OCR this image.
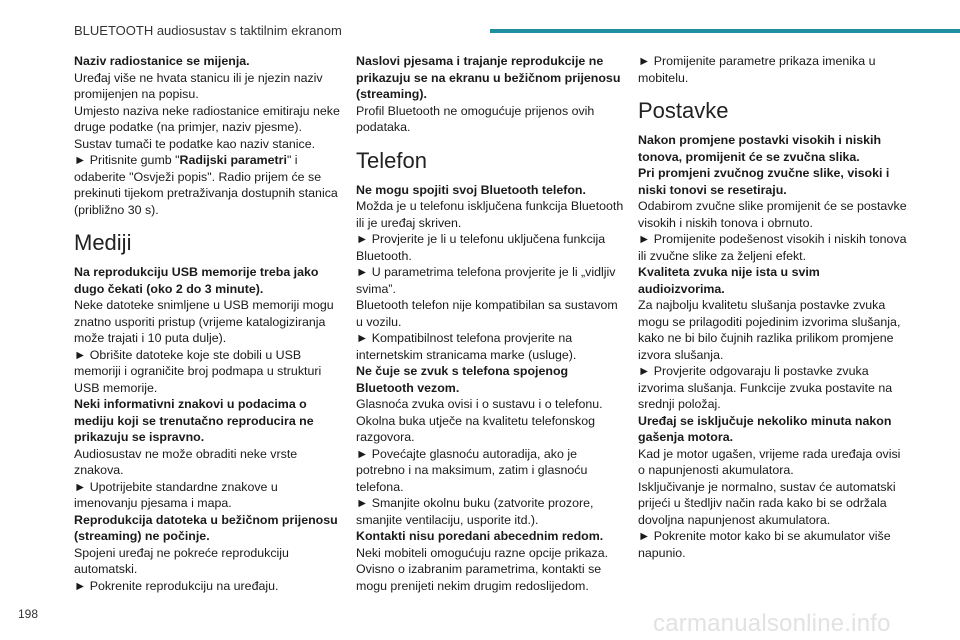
BLUETOOTH audiosustav s taktilnim ekranom

Naziv radiostanice se mijenja.

Uređaj više ne hvata stanicu ili je njezin naziv promijenjen na popisu.

Umjesto naziva neke radiostanice emitiraju neke druge podatke (na primjer, naziv pjesme).

Sustav tumači te podatke kao naziv stanice.

► Pritisnite gumb "Radijski parametri" i odaberite "Osvježi popis". Radio prijem će se prekinuti tijekom pretraživanja dostupnih stanica (približno 30 s).

Mediji

Na reprodukciju USB memorije treba jako dugo čekati (oko 2 do 3 minute).

Neke datoteke snimljene u USB memoriji mogu znatno usporiti pristup (vrijeme katalogiziranja može trajati i 10 puta dulje).

► Obrišite datoteke koje ste dobili u USB memoriji i ograničite broj podmapa u strukturi USB memorije.

Neki informativni znakovi u podacima o mediju koji se trenutačno reproducira ne prikazuju se ispravno.

Audiosustav ne može obraditi neke vrste znakova.

► Upotrijebite standardne znakove u imenovanju pjesama i mapa.

Reprodukcija datoteka u bežičnom prijenosu (streaming) ne počinje.

Spojeni uređaj ne pokreće reprodukciju automatski.

► Pokrenite reprodukciju na uređaju.

Naslovi pjesama i trajanje reprodukcije ne prikazuju se na ekranu u bežičnom prijenosu (streaming).

Profil Bluetooth ne omogućuje prijenos ovih podataka.

Telefon

Ne mogu spojiti svoj Bluetooth telefon.

Možda je u telefonu isključena funkcija Bluetooth ili je uređaj skriven.

► Provjerite je li u telefonu uključena funkcija Bluetooth.

► U parametrima telefona provjerite je li „vidljiv svima”.

Bluetooth telefon nije kompatibilan sa sustavom u vozilu.

► Kompatibilnost telefona provjerite na internetskim stranicama marke (usluge).

Ne čuje se zvuk s telefona spojenog Bluetooth vezom.

Glasnoća zvuka ovisi i o sustavu i o telefonu.

Okolna buka utječe na kvalitetu telefonskog razgovora.

► Povećajte glasnoću autoradija, ako je potrebno i na maksimum, zatim i glasnoću telefona.

► Smanjite okolnu buku (zatvorite prozore, smanjite ventilaciju, usporite itd.).

Kontakti nisu poredani abecednim redom.

Neki mobiteli omogućuju razne opcije prikaza. Ovisno o izabranim parametrima, kontakti se mogu prenijeti nekim drugim redoslijedom.

► Promijenite parametre prikaza imenika u mobitelu.

Postavke

Nakon promjene postavki visokih i niskih tonova, promijenit će se zvučna slika.

Pri promjeni zvučnog zvučne slike, visoki i niski tonovi se resetiraju.

Odabirom zvučne slike promijenit će se postavke visokih i niskih tonova i obrnuto.

► Promijenite podešenost visokih i niskih tonova ili zvučne slike za željeni efekt.

Kvaliteta zvuka nije ista u svim audioizvorima.

Za najbolju kvalitetu slušanja postavke zvuka mogu se prilagoditi pojedinim izvorima slušanja, kako ne bi bilo čujnih razlika prilikom promjene izvora slušanja.

► Provjerite odgovaraju li postavke zvuka izvorima slušanja. Funkcije zvuka postavite na srednji položaj.

Uređaj se isključuje nekoliko minuta nakon gašenja motora.

Kad je motor ugašen, vrijeme rada uređaja ovisi o napunjenosti akumulatora.

Isključivanje je normalno, sustav će automatski prijeći u štedljiv način rada kako bi se održala dovoljna napunjenost akumulatora.

► Pokrenite motor kako bi se akumulator više napunio.

198	carmanualsonline.info
